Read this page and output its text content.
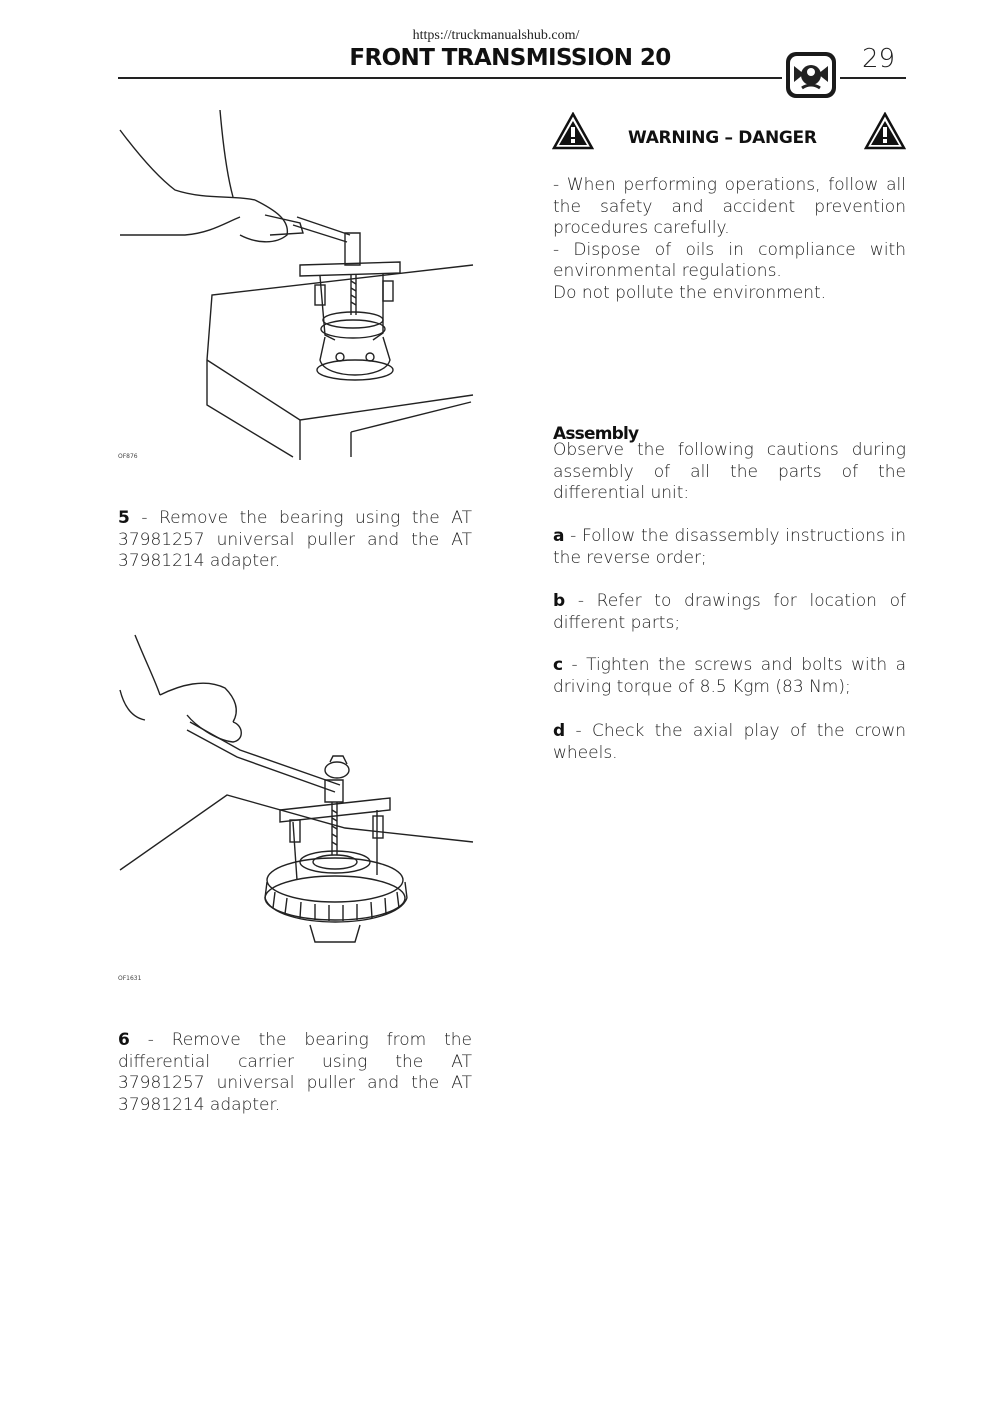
https://truckmanualshub.com/
FRONT TRANSMISSION 20	29
OF876
5 - Remove the bearing using the AT 37981257 universal puller and the AT 37981214 adapter.
OF1631
6 - Remove the bearing from the differential carrier using the AT 37981257 universal puller and the AT 37981214 adapter.
WARNING – DANGER
- When performing operations, follow all the safety and accident prevention procedures carefully.
- Dispose of oils in compliance with environmental regulations.
Do not pollute the environment.
Assembly
Observe the following cautions during assembly of all the parts of the differential unit:
a - Follow the disassembly instructions in the reverse order;
b - Refer to drawings for location of different parts;
c - Tighten the screws and bolts with a driving torque of 8.5 Kgm (83 Nm);
d - Check the axial play of the crown wheels.
